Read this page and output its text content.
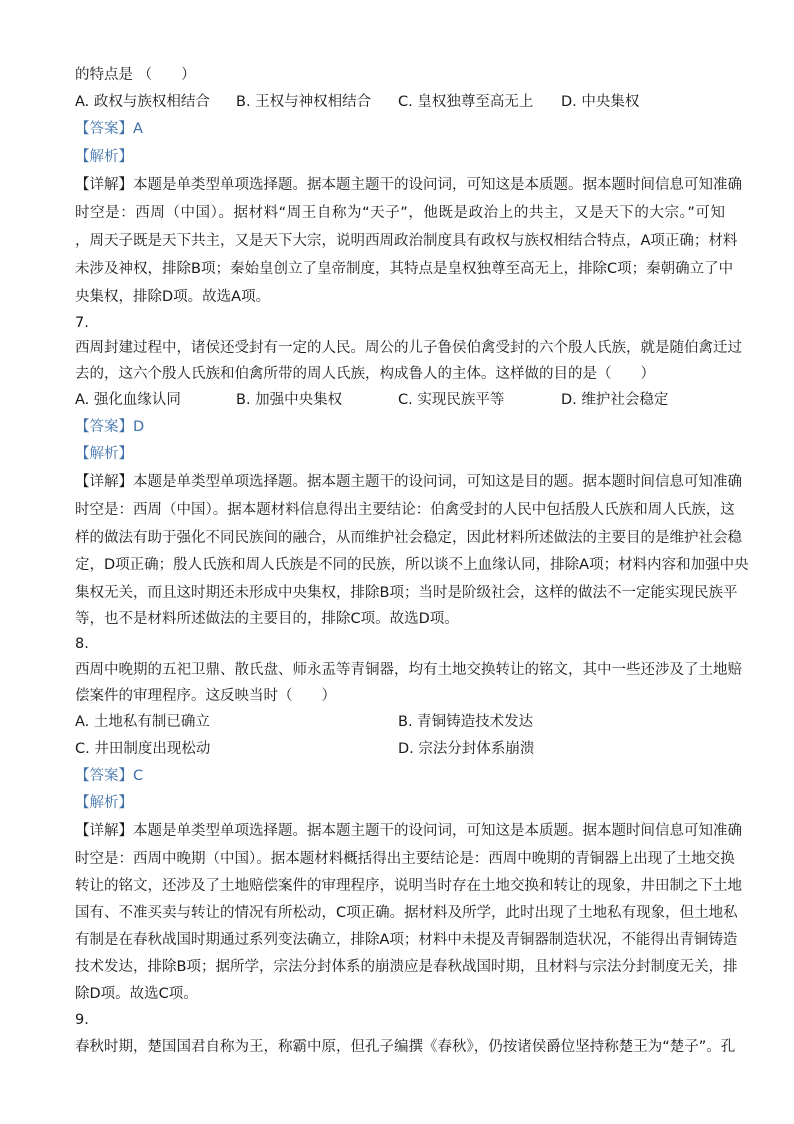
的特点是 （　　）
A. 政权与族权相结合 B. 王权与神权相结合 C. 皇权独尊至高无上 D. 中央集权
【答案】A
【解析】
【详解】本题是单类型单项选择题。据本题主题干的设问词，可知这是本质题。据本题时间信息可知准确
时空是：西周（中国）。据材料“周王自称为“天子”，他既是政治上的共主，又是天下的大宗。”可知
，周天子既是天下共主，又是天下大宗，说明西周政治制度具有政权与族权相结合特点，A项正确；材料
未涉及神权，排除B项；秦始皇创立了皇帝制度，其特点是皇权独尊至高无上，排除C项；秦朝确立了中
央集权，排除D项。故选A项。
7.
西周封建过程中，诸侯还受封有一定的人民。周公的儿子鲁侯伯禽受封的六个殷人氏族，就是随伯禽迁过
去的，这六个殷人氏族和伯禽所带的周人氏族，构成鲁人的主体。这样做的目的是（　　）
A. 强化血缘认同	B. 加强中央集权	C. 实现民族平等	D. 维护社会稳定
【答案】D
【解析】
【详解】本题是单类型单项选择题。据本题主题干的设问词，可知这是目的题。据本题时间信息可知准确
时空是：西周（中国）。据本题材料信息得出主要结论：伯禽受封的人民中包括殷人氏族和周人氏族，这
样的做法有助于强化不同民族间的融合，从而维护社会稳定，因此材料所述做法的主要目的是维护社会稳
定，D项正确；殷人氏族和周人氏族是不同的民族，所以谈不上血缘认同，排除A项；材料内容和加强中央
集权无关，而且这时期还未形成中央集权，排除B项；当时是阶级社会，这样的做法不一定能实现民族平
等，也不是材料所述做法的主要目的，排除C项。故选D项。
8.
西周中晚期的五祀卫鼎、散氏盘、师永盂等青铜器，均有土地交换转让的铭文，其中一些还涉及了土地赔
偿案件的审理程序。这反映当时（　　）
A. 土地私有制已确立	B. 青铜铸造技术发达
C. 井田制度出现松动	D. 宗法分封体系崩溃
【答案】C
【解析】
【详解】本题是单类型单项选择题。据本题主题干的设问词，可知这是本质题。据本题时间信息可知准确
时空是：西周中晚期（中国）。据本题材料概括得出主要结论是：西周中晚期的青铜器上出现了土地交换
转让的铭文，还涉及了土地赔偿案件的审理程序，说明当时存在土地交换和转让的现象，井田制之下土地
国有、不准买卖与转让的情况有所松动，C项正确。据材料及所学，此时出现了土地私有现象，但土地私
有制是在春秋战国时期通过系列变法确立，排除A项；材料中未提及青铜器制造状况，不能得出青铜铸造
技术发达，排除B项；据所学，宗法分封体系的崩溃应是春秋战国时期，且材料与宗法分封制度无关，排
除D项。故选C项。
9.
春秋时期，楚国国君自称为王，称霸中原，但孔子编撰《春秋》，仍按诸侯爵位坚持称楚王为“楚子”。孔
